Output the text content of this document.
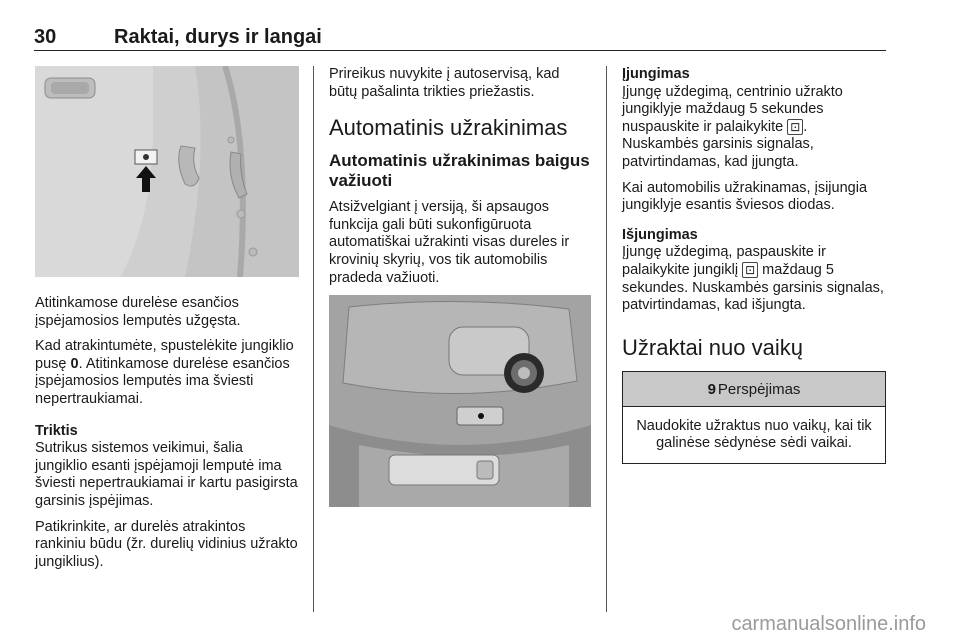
30	Raktai, durys ir langai

Atitinkamose durelėse esančios įspėjamosios lemputės užgęsta.

Kad atrakintumėte, spustelėkite jungiklio pusę 0. Atitinkamose durelėse esančios įspėjamosios lemputės ima šviesti nepertraukiamai.

Triktis

Sutrikus sistemos veikimui, šalia jungiklio esanti įspėjamoji lemputė ima šviesti nepertraukiamai ir kartu pasigirsta garsinis įspėjimas.

Patikrinkite, ar durelės atrakintos rankiniu būdu (žr. durelių vidinius užrakto jungiklius).

Prireikus nuvykite į autoservisą, kad būtų pašalinta trikties priežastis.

Automatinis užrakinimas
Automatinis užrakinimas baigus važiuoti

Atsižvelgiant į versiją, ši apsaugos funkcija gali būti sukonfigūruota automatiškai užrakinti visas dureles ir krovinių skyrių, vos tik automobilis pradeda važiuoti.

Įjungimas

Įjungę uždegimą, centrinio užrakto jungiklyje maždaug 5 sekundes nuspauskite ir palaikykite ⊡ .
Nuskambės garsinis signalas, patvirtindamas, kad įjungta.

Kai automobilis užrakinamas, įsijungia jungiklyje esantis šviesos diodas.

Išjungimas

Įjungę uždegimą, paspauskite ir palaikykite jungiklį ⊡ maždaug 5 sekundes. Nuskambės garsinis signalas, patvirtindamas, kad išjungta.

Užraktai nuo vaikų
9 Perspėjimas
Naudokite užraktus nuo vaikų, kai tik galinėse sėdynėse sėdi vaikai.
carmanualsonline.info
